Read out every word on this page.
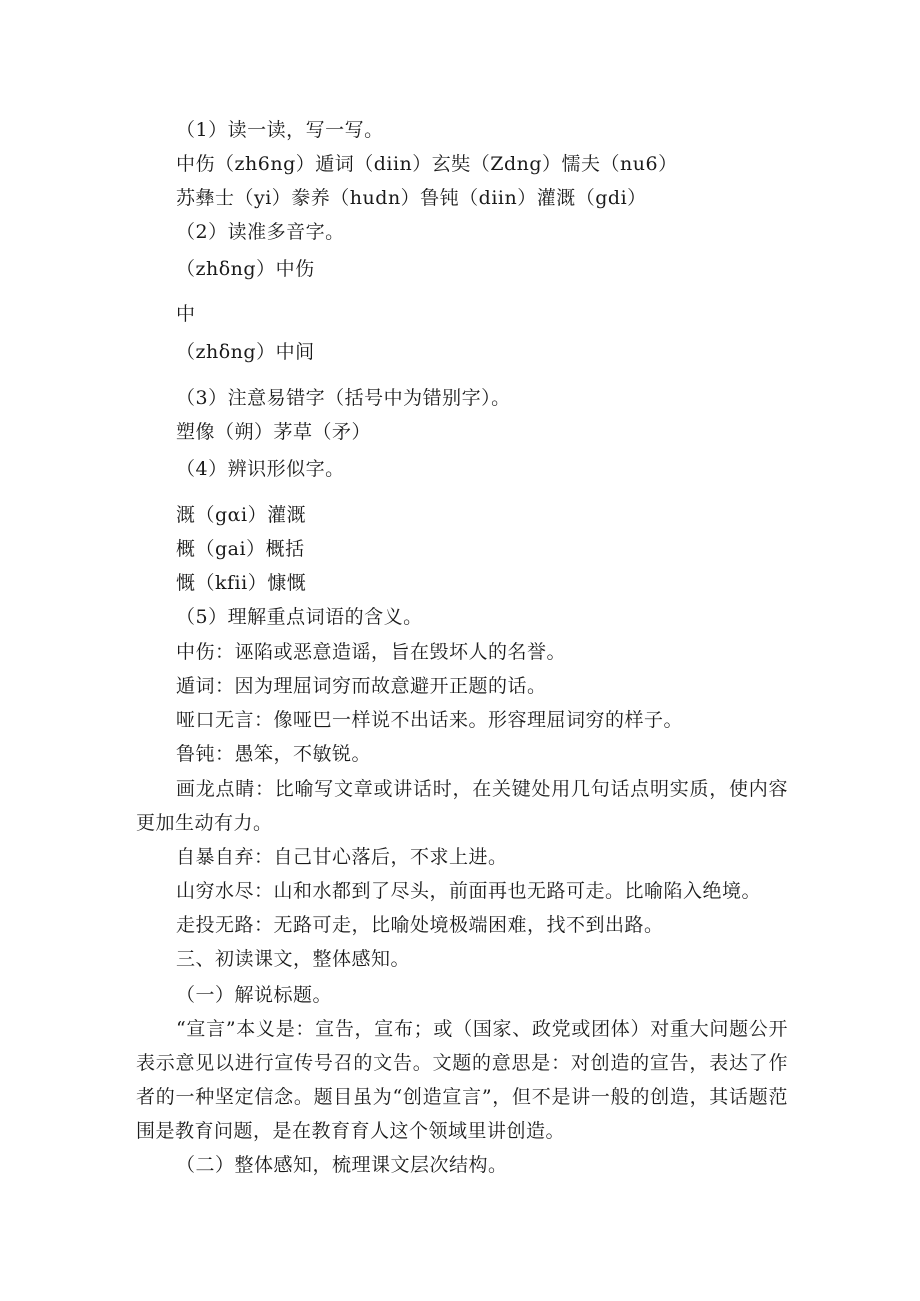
（1）读一读，写一写。
中伤（zh6ng）遁词（diin）玄奘（Zdng）懦夫（nu6）
苏彝士（yi）豢养（hudn）鲁钝（diin）灌溉（gdi）
（2）读准多音字。
（zhδng）中伤
中
（zhδng）中间
（3）注意易错字（括号中为错别字）。
塑像（朔）茅草（矛）
（4）辨识形似字。
溉（gαi）灌溉
概（gai）概括
慨（kfii）慷慨
（5）理解重点词语的含义。
中伤：诬陷或恶意造谣，旨在毁坏人的名誉。
遁词：因为理屈词穷而故意避开正题的话。
哑口无言：像哑巴一样说不出话来。形容理屈词穷的样子。
鲁钝：愚笨，不敏锐。
画龙点睛：比喻写文章或讲话时，在关键处用几句话点明实质，使内容更加生动有力。
自暴自弃：自己甘心落后，不求上进。
山穷水尽：山和水都到了尽头，前面再也无路可走。比喻陷入绝境。
走投无路：无路可走，比喻处境极端困难，找不到出路。
三、初读课文，整体感知。
（一）解说标题。
“宣言”本义是：宣告，宣布；或（国家、政党或团体）对重大问题公开表示意见以进行宣传号召的文告。文题的意思是：对创造的宣告，表达了作者的一种坚定信念。题目虽为“创造宣言”，但不是讲一般的创造，其话题范围是教育问题，是在教育育人这个领域里讲创造。
（二）整体感知，梳理课文层次结构。
